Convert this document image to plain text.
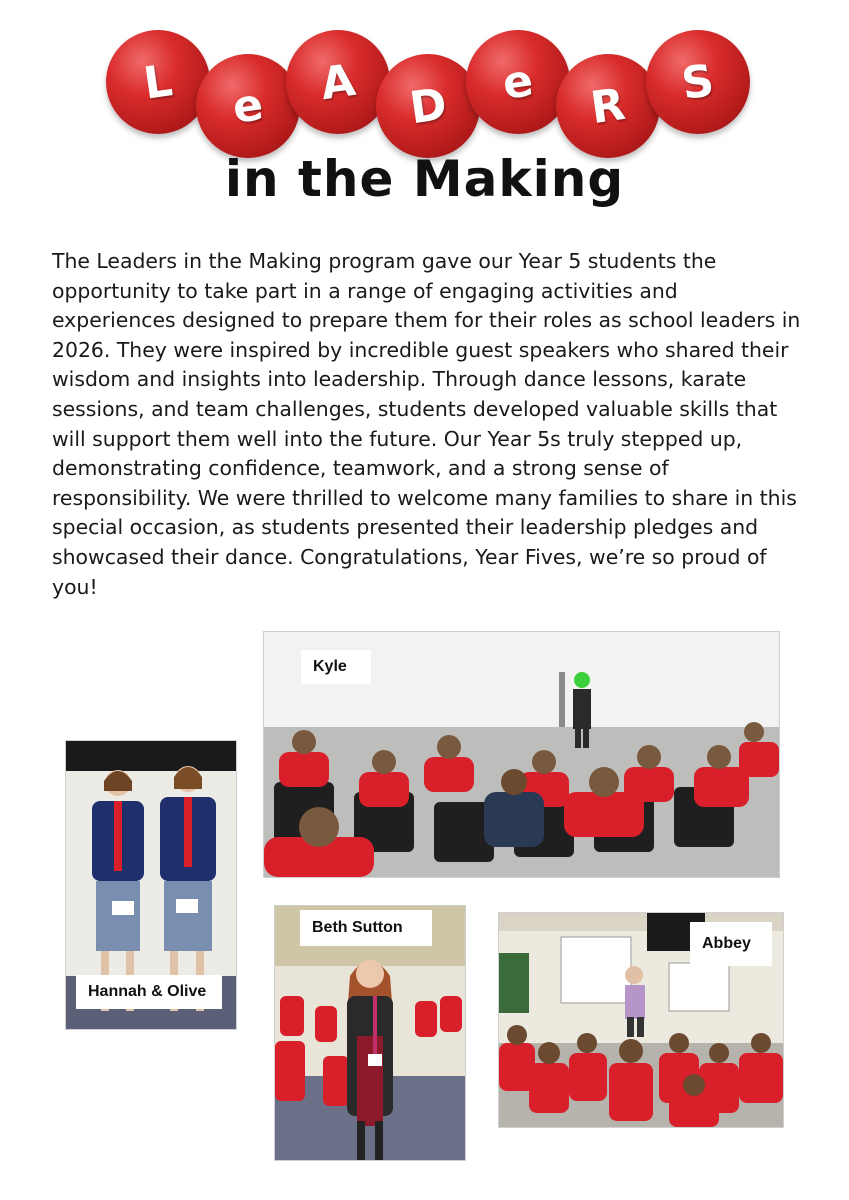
L e A D e R S
in the Making
The Leaders in the Making program gave our Year 5 students the opportunity to take part in a range of engaging activities and experiences designed to prepare them for their roles as school leaders in 2026. They were inspired by incredible guest speakers who shared their wisdom and insights into leadership. Through dance lessons, karate sessions, and team challenges, students developed valuable skills that will support them well into the future. Our Year 5s truly stepped up, demonstrating confidence, teamwork, and a strong sense of responsibility. We were thrilled to welcome many families to share in this special occasion, as students presented their leadership pledges and showcased their dance. Congratulations, Year Fives, we’re so proud of you!
Kyle
Hannah & Olive
Beth Sutton
Abbey
